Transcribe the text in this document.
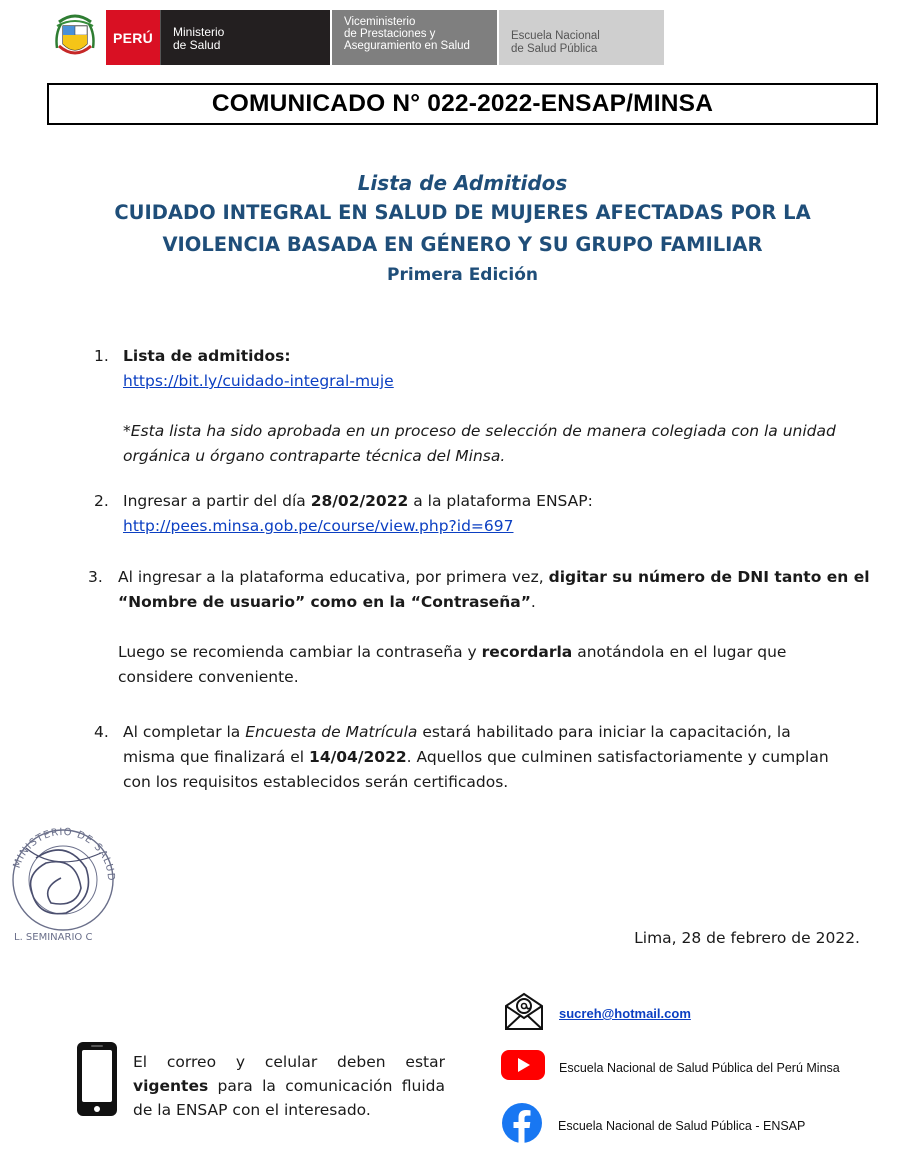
PERÚ	Ministerio
de Salud
Viceministerio
de Prestaciones y
Aseguramiento en Salud
Escuela Nacional
de Salud Pública
COMUNICADO N° 022-2022-ENSAP/MINSA
Lista de Admitidos
CUIDADO INTEGRAL EN SALUD DE MUJERES AFECTADAS POR LA
VIOLENCIA BASADA EN GÉNERO Y SU GRUPO FAMILIAR
Primera Edición
1. Lista de admitidos:
https://bit.ly/cuidado-integral-muje
*Esta lista ha sido aprobada en un proceso de selección de manera colegiada con la unidad
orgánica u órgano contraparte técnica del Minsa.
2. Ingresar a partir del día 28/02/2022 a la plataforma ENSAP:
http://pees.minsa.gob.pe/course/view.php?id=697
3. Al ingresar a la plataforma educativa, por primera vez, digitar su número de DNI tanto en el
“Nombre de usuario” como en la “Contraseña”.
Luego se recomienda cambiar la contraseña y recordarla anotándola en el lugar que
considere conveniente.
4. Al completar la Encuesta de Matrícula estará habilitado para iniciar la capacitación, la
misma que finalizará el 14/04/2022. Aquellos que culminen satisfactoriamente y cumplan
con los requisitos establecidos serán certificados.
MINISTERIO DE SALUD
L. SEMINARIO C	Lima, 28 de febrero de 2022.
El correo y celular deben estar vigentes para la comunicación fluida de la ENSAP con el interesado.
sucreh@hotmail.com
Escuela Nacional de Salud Pública del Perú Minsa
Escuela Nacional de Salud Pública - ENSAP
